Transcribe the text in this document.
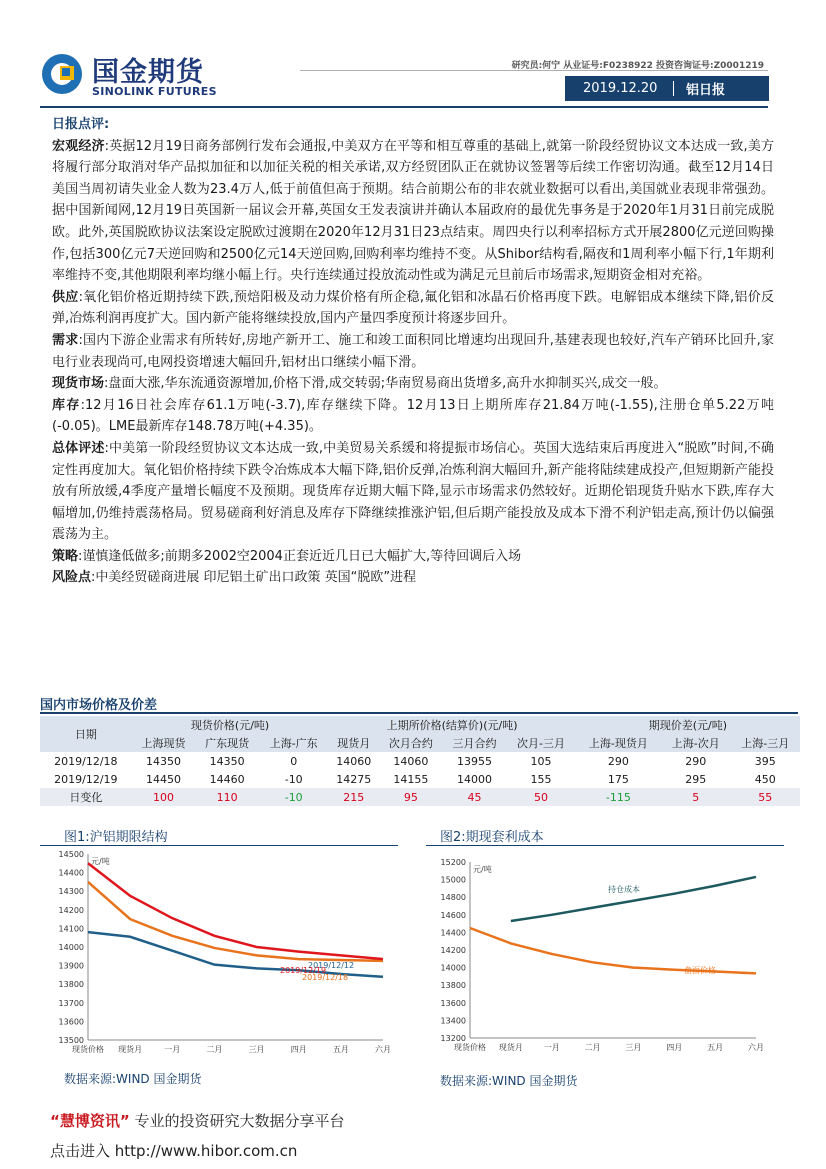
国金期货
SINOLINK FUTURES
研究员:何宁 从业证号:F0238922 投资咨询证号:Z0001219
2019.12.20	铝日报
日报点评:
宏观经济:英据12月19日商务部例行发布会通报,中美双方在平等和相互尊重的基础上,就第一阶段经贸协议文本达成一致,美方将履行部分取消对华产品拟加征和以加征关税的相关承诺,双方经贸团队正在就协议签署等后续工作密切沟通。截至12月14日美国当周初请失业金人数为23.4万人,低于前值但高于预期。结合前期公布的非农就业数据可以看出,美国就业表现非常强劲。据中国新闻网,12月19日英国新一届议会开幕,英国女王发表演讲并确认本届政府的最优先事务是于2020年1月31日前完成脱欧。此外,英国脱欧协议法案设定脱欧过渡期在2020年12月31日23点结束。周四央行以利率招标方式开展2800亿元逆回购操作,包括300亿元7天逆回购和2500亿元14天逆回购,回购利率均维持不变。从Shibor结构看,隔夜和1周利率小幅下行,1年期利率维持不变,其他期限利率均继小幅上行。央行连续通过投放流动性或为满足元旦前后市场需求,短期资金相对充裕。
供应:氧化铝价格近期持续下跌,预焙阳极及动力煤价格有所企稳,氟化铝和冰晶石价格再度下跌。电解铝成本继续下降,铝价反弹,冶炼利润再度扩大。国内新产能将继续投放,国内产量四季度预计将逐步回升。
需求:国内下游企业需求有所转好,房地产新开工、施工和竣工面积同比增速均出现回升,基建表现也较好,汽车产销环比回升,家电行业表现尚可,电网投资增速大幅回升,铝材出口继续小幅下滑。
现货市场:盘面大涨,华东流通资源增加,价格下滑,成交转弱;华南贸易商出货增多,高升水抑制买兴,成交一般。
库存:12月16日社会库存61.1万吨(-3.7),库存继续下降。12月13日上期所库存21.84万吨(-1.55),注册仓单5.22万吨(-0.05)。LME最新库存148.78万吨(+4.35)。
总体评述:中美第一阶段经贸协议文本达成一致,中美贸易关系缓和将提振市场信心。英国大选结束后再度进入“脱欧”时间,不确定性再度加大。氧化铝价格持续下跌令冶炼成本大幅下降,铝价反弹,冶炼利润大幅回升,新产能将陆续建成投产,但短期新产能投放有所放缓,4季度产量增长幅度不及预期。现货库存近期大幅下降,显示市场需求仍然较好。近期伦铝现货升贴水下跌,库存大幅增加,仍维持震荡格局。贸易磋商利好消息及库存下降继续推涨沪铝,但后期产能投放及成本下滑不利沪铝走高,预计仍以偏强震荡为主。
策略:谨慎逢低做多;前期多2002空2004正套近近几日已大幅扩大,等待回调后入场
风险点:中美经贸磋商进展 印尼铝土矿出口政策 英国“脱欧”进程
国内市场价格及价差
日期	现货价格(元/吨)			上期所价格(结算价)(元/吨)				期现价差(元/吨)		
	上海现货	广东现货	上海-广东	现货月	次月合约	三月合约	次月-三月	上海-现货月	上海-次月	上海-三月
2019/12/18	14350	14350	0	14060	14060	13955	105	290	290	395
2019/12/19	14450	14460	-10	14275	14155	14000	155	175	295	450
日变化	100	110	-10	215	95	45	50	-115	5	55
图1:沪铝期限结构
13500
13600
13700
13800
13900
14000
14100
14200
14300
14400
14500
现货价格 现货月	一月	二月	三月	四月	五月	六月
元/吨
2019/12/12
2019/12/19
2019/12/18
数据来源:WIND 国金期货
图2:期现套利成本
13200
13400
13600
13800
14000
14200
14400
14600
14800
15000
15200
现货价格 现货月	一月	二月	三月	四月	五月	六月
元/吨
持仓成本
盘面价格
数据来源:WIND 国金期货
“慧博资讯” 专业的投资研究大数据分享平台
点击进入 http://www.hibor.com.cn
